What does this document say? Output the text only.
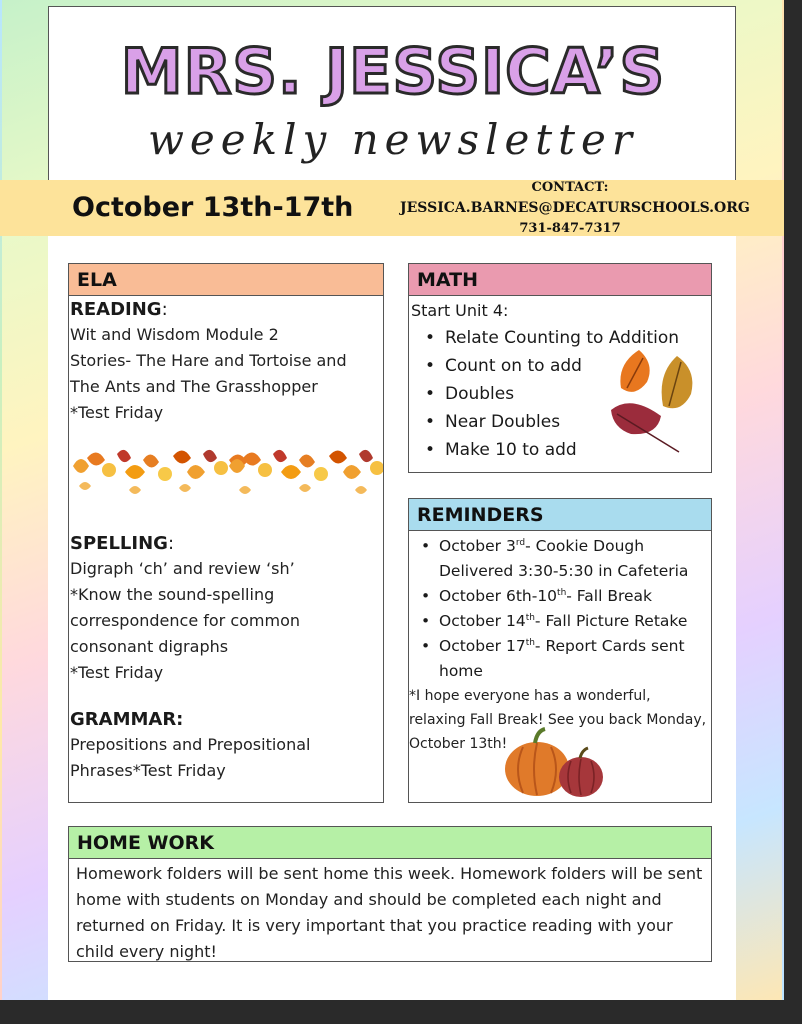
MRS. JESSICA’S
weekly newsletter
October 13th-17th
CONTACT:
JESSICA.BARNES@DECATURSCHOOLS.ORG
731-847-7317
ELA
READING:
Wit and Wisdom Module 2
Stories- The Hare and Tortoise and
The Ants and The Grasshopper
*Test Friday
SPELLING:
Digraph ‘ch’ and review ‘sh’
*Know the sound-spelling
correspondence for common
consonant digraphs
*Test Friday
GRAMMAR:
Prepositions and Prepositional
Phrases*Test Friday
MATH
Start Unit 4:
• Relate Counting to Addition
• Count on to add
• Doubles
• Near Doubles
• Make 10 to add
REMINDERS
• October 3rd- Cookie Dough Delivered 3:30-5:30 in Cafeteria
• October 6th-10th- Fall Break
• October 14th- Fall Picture Retake
• October 17th- Report Cards sent home
*I hope everyone has a wonderful, relaxing Fall Break! See you back Monday, October 13th!
HOME WORK
Homework folders will be sent home this week. Homework folders will be sent home with students on Monday and should be completed each night and returned on Friday. It is very important that you practice reading with your child every night!
